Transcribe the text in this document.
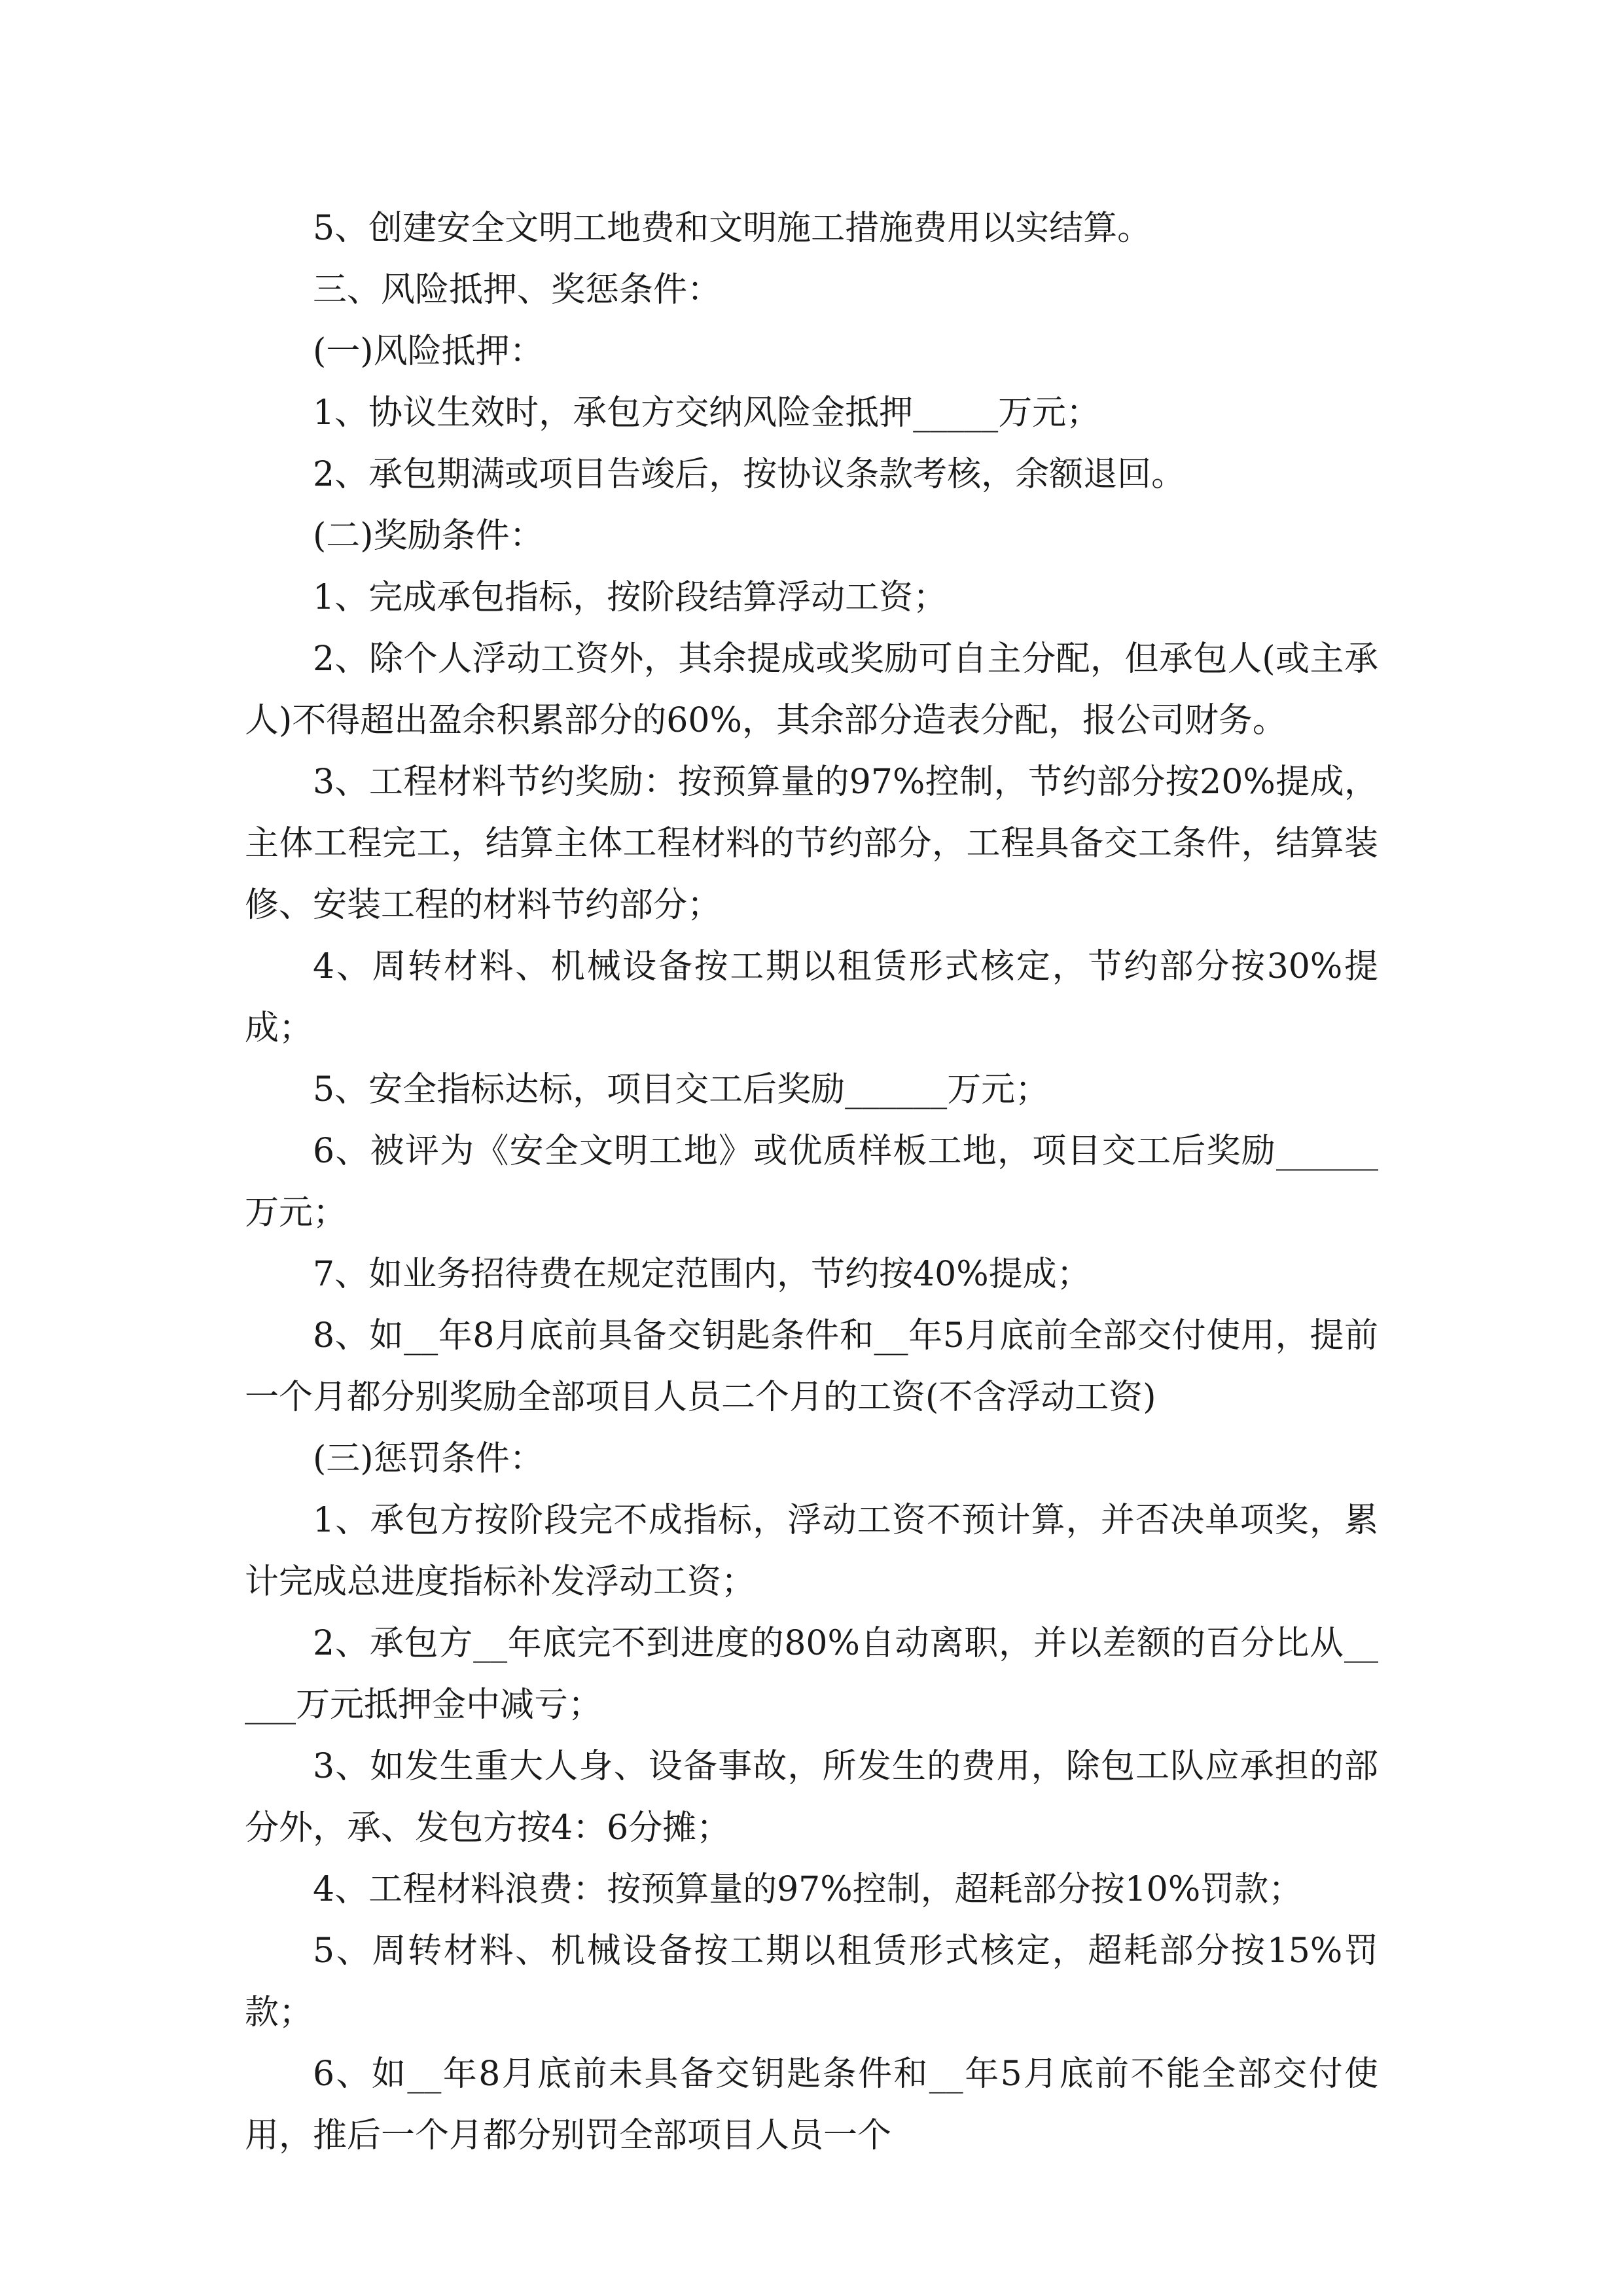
5、创建安全文明工地费和文明施工措施费用以实结算。

三、风险抵押、奖惩条件：

(一)风险抵押：

1、协议生效时，承包方交纳风险金抵押_____万元；

2、承包期满或项目告竣后，按协议条款考核，余额退回。

(二)奖励条件：

1、完成承包指标，按阶段结算浮动工资；

2、除个人浮动工资外，其余提成或奖励可自主分配，但承包人(或主承人)不得超出盈余积累部分的60%，其余部分造表分配，报公司财务。

3、工程材料节约奖励：按预算量的97%控制，节约部分按20%提成，主体工程完工，结算主体工程材料的节约部分，工程具备交工条件，结算装修、安装工程的材料节约部分；

4、周转材料、机械设备按工期以租赁形式核定，节约部分按30%提成；

5、安全指标达标，项目交工后奖励______万元；

6、被评为《安全文明工地》或优质样板工地，项目交工后奖励______万元；

7、如业务招待费在规定范围内，节约按40%提成；

8、如__年8月底前具备交钥匙条件和__年5月底前全部交付使用，提前一个月都分别奖励全部项目人员二个月的工资(不含浮动工资)

(三)惩罚条件：

1、承包方按阶段完不成指标，浮动工资不预计算，并否决单项奖，累计完成总进度指标补发浮动工资；

2、承包方__年底完不到进度的80%自动离职，并以差额的百分比从_____万元抵押金中减亏；

3、如发生重大人身、设备事故，所发生的费用，除包工队应承担的部分外，承、发包方按4：6分摊；

4、工程材料浪费：按预算量的97%控制，超耗部分按10%罚款；

5、周转材料、机械设备按工期以租赁形式核定，超耗部分按15%罚款；

6、如__年8月底前未具备交钥匙条件和__年5月底前不能全部交付使用，推后一个月都分别罚全部项目人员一个
